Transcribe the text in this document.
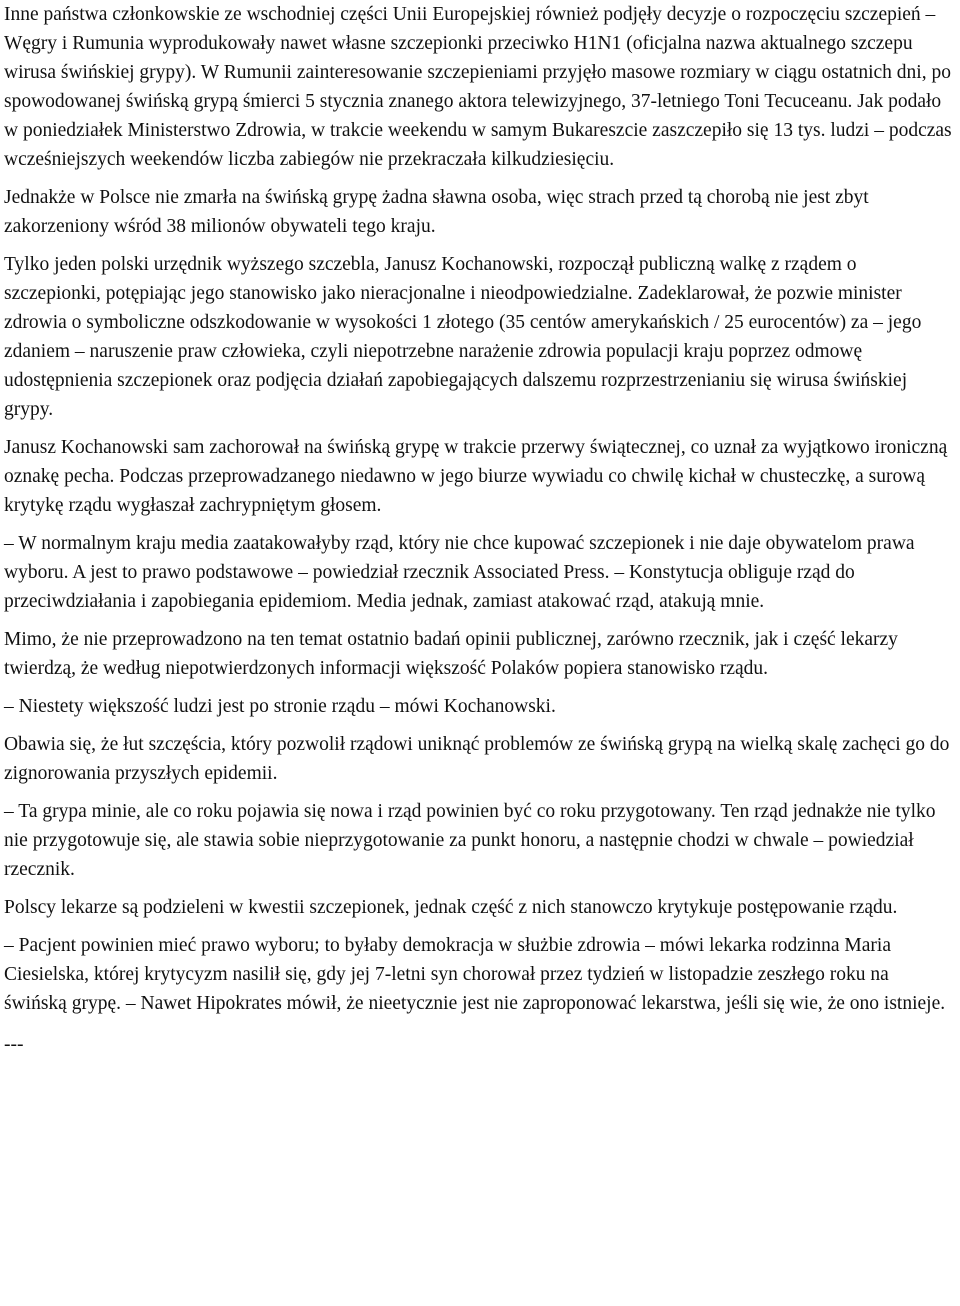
Inne państwa członkowskie ze wschodniej części Unii Europejskiej również podjęły decyzje o rozpoczęciu szczepień – Węgry i Rumunia wyprodukowały nawet własne szczepionki przeciwko H1N1 (oficjalna nazwa aktualnego szczepu wirusa świńskiej grypy). W Rumunii zainteresowanie szczepieniami przyjęło masowe rozmiary w ciągu ostatnich dni, po spowodowanej świńską grypą śmierci 5 stycznia znanego aktora telewizyjnego, 37-letniego Toni Tecuceanu. Jak podało w poniedziałek Ministerstwo Zdrowia, w trakcie weekendu w samym Bukareszcie zaszczepiło się 13 tys. ludzi – podczas wcześniejszych weekendów liczba zabiegów nie przekraczała kilkudziesięciu.

Jednakże w Polsce nie zmarła na świńską grypę żadna sławna osoba, więc strach przed tą chorobą nie jest zbyt zakorzeniony wśród 38 milionów obywateli tego kraju.

Tylko jeden polski urzędnik wyższego szczebla, Janusz Kochanowski, rozpoczął publiczną walkę z rządem o szczepionki, potępiając jego stanowisko jako nieracjonalne i nieodpowiedzialne. Zadeklarował, że pozwie minister zdrowia o symboliczne odszkodowanie w wysokości 1 złotego (35 centów amerykańskich / 25 eurocentów) za – jego zdaniem – naruszenie praw człowieka, czyli niepotrzebne narażenie zdrowia populacji kraju poprzez odmowę udostępnienia szczepionek oraz podjęcia działań zapobiegających dalszemu rozprzestrzenianiu się wirusa świńskiej grypy.

Janusz Kochanowski sam zachorował na świńską grypę w trakcie przerwy świątecznej, co uznał za wyjątkowo ironiczną oznakę pecha. Podczas przeprowadzanego niedawno w jego biurze wywiadu co chwilę kichał w chusteczkę, a surową krytykę rządu wygłaszał zachrypniętym głosem.

– W normalnym kraju media zaatakowałyby rząd, który nie chce kupować szczepionek i nie daje obywatelom prawa wyboru. A jest to prawo podstawowe – powiedział rzecznik Associated Press. – Konstytucja obliguje rząd do przeciwdziałania i zapobiegania epidemiom. Media jednak, zamiast atakować rząd, atakują mnie.

Mimo, że nie przeprowadzono na ten temat ostatnio badań opinii publicznej, zarówno rzecznik, jak i część lekarzy twierdzą, że według niepotwierdzonych informacji większość Polaków popiera stanowisko rządu.

– Niestety większość ludzi jest po stronie rządu – mówi Kochanowski.

Obawia się, że łut szczęścia, który pozwolił rządowi uniknąć problemów ze świńską grypą na wielką skalę zachęci go do zignorowania przyszłych epidemii.

– Ta grypa minie, ale co roku pojawia się nowa i rząd powinien być co roku przygotowany. Ten rząd jednakże nie tylko nie przygotowuje się, ale stawia sobie nieprzygotowanie za punkt honoru, a następnie chodzi w chwale – powiedział rzecznik.

Polscy lekarze są podzieleni w kwestii szczepionek, jednak część z nich stanowczo krytykuje postępowanie rządu.

– Pacjent powinien mieć prawo wyboru; to byłaby demokracja w służbie zdrowia – mówi lekarka rodzinna Maria Ciesielska, której krytycyzm nasilił się, gdy jej 7-letni syn chorował przez tydzień w listopadzie zeszłego roku na świńską grypę. – Nawet Hipokrates mówił, że nieetycznie jest nie zaproponować lekarstwa, jeśli się wie, że ono istnieje.

---
